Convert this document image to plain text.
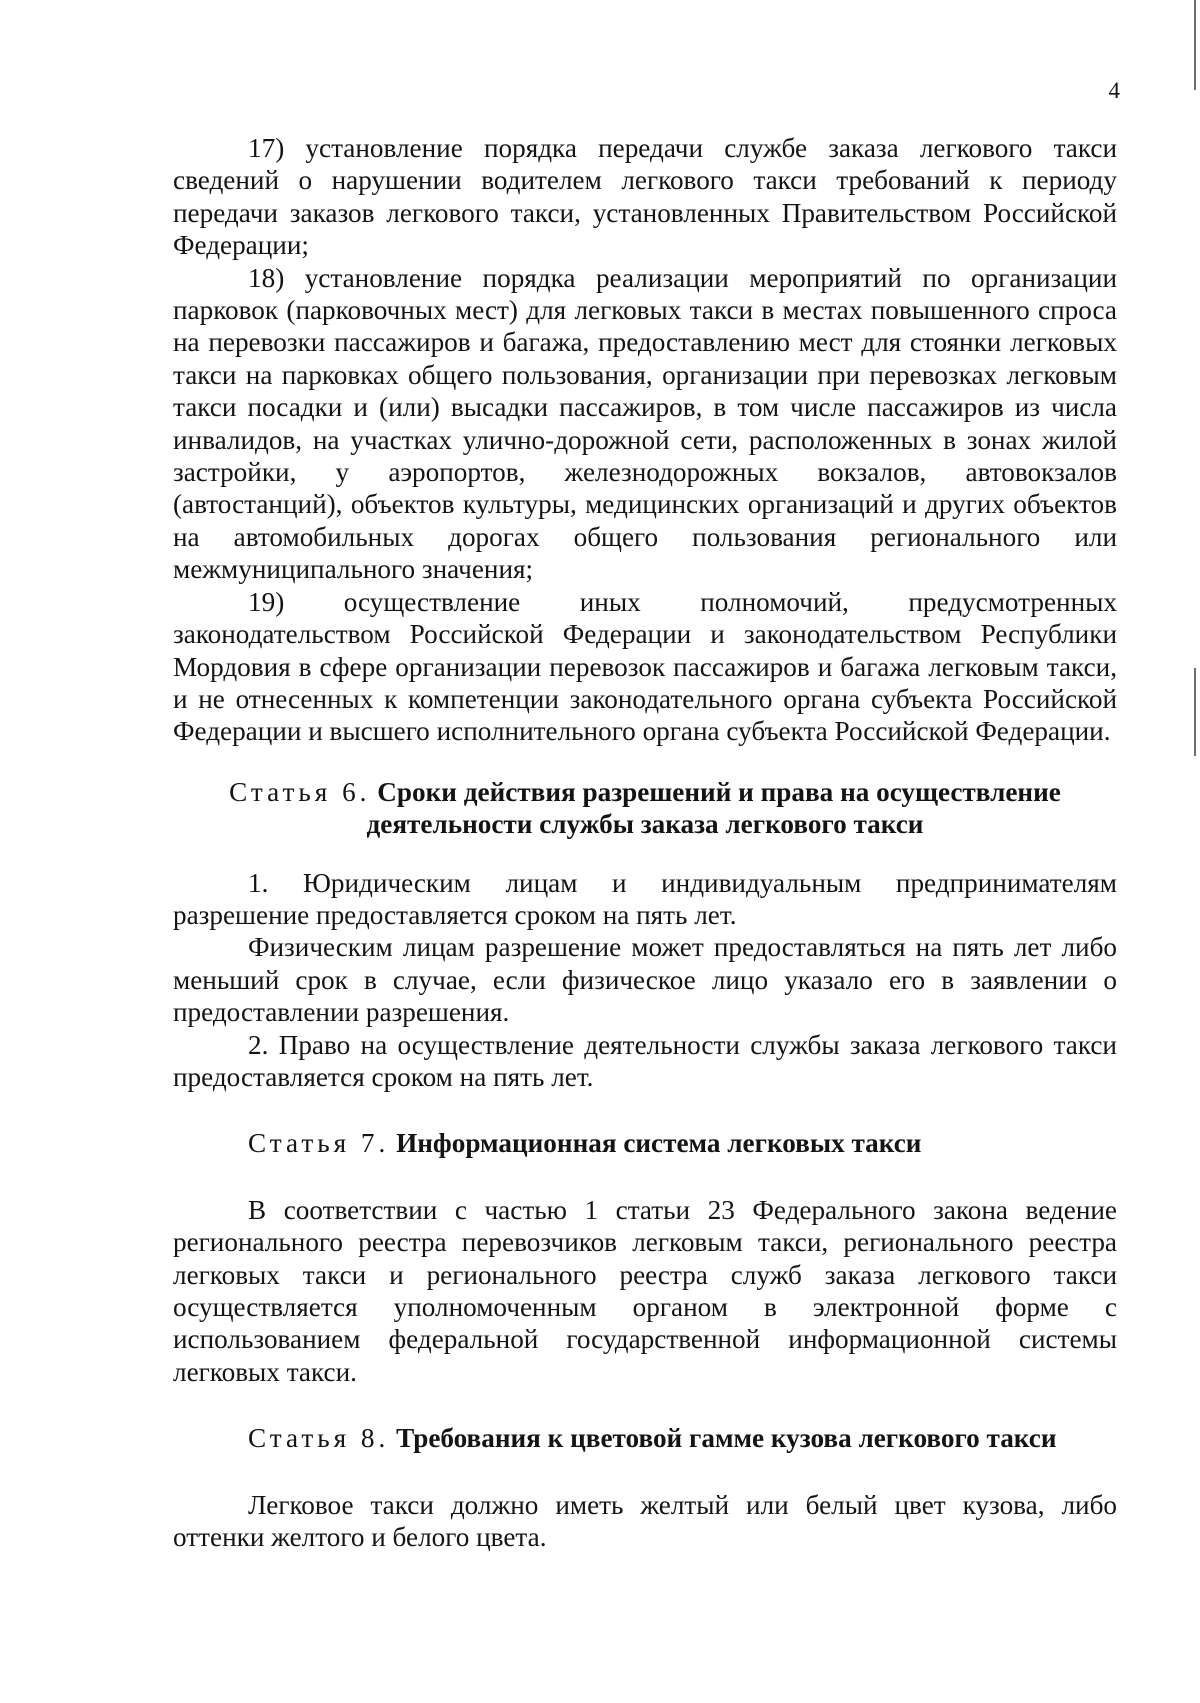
4

17) установление порядка передачи службе заказа легкового такси сведений о нарушении водителем легкового такси требований к периоду передачи заказов легкового такси, установленных Правительством Российской Федерации;

18) установление порядка реализации мероприятий по организации парковок (парковочных мест) для легковых такси в местах повышенного спроса на перевозки пассажиров и багажа, предоставлению мест для стоянки легковых такси на парковках общего пользования, организации при перевозках легковым такси посадки и (или) высадки пассажиров, в том числе пассажиров из числа инвалидов, на участках улично-дорожной сети, расположенных в зонах жилой застройки, у аэропортов, железнодорожных вокзалов, автовокзалов (автостанций), объектов культуры, медицинских организаций и других объектов на автомобильных дорогах общего пользования регионального или межмуниципального значения;

19) осуществление иных полномочий, предусмотренных законодательством Российской Федерации и законодательством Республики Мордовия в сфере организации перевозок пассажиров и багажа легковым такси, и не отнесенных к компетенции законодательного органа субъекта Российской Федерации и высшего исполнительного органа субъекта Российской Федерации.

Статья 6. Сроки действия разрешений и права на осуществление
деятельности службы заказа легкового такси

1. Юридическим лицам и индивидуальным предпринимателям разрешение предоставляется сроком на пять лет.

Физическим лицам разрешение может предоставляться на пять лет либо меньший срок в случае, если физическое лицо указало его в заявлении о предоставлении разрешения.

2. Право на осуществление деятельности службы заказа легкового такси предоставляется сроком на пять лет.

Статья 7. Информационная система легковых такси

В соответствии с частью 1 статьи 23 Федерального закона ведение регионального реестра перевозчиков легковым такси, регионального реестра легковых такси и регионального реестра служб заказа легкового такси осуществляется уполномоченным органом в электронной форме с использованием федеральной государственной информационной системы легковых такси.

Статья 8. Требования к цветовой гамме кузова легкового такси

Легковое такси должно иметь желтый или белый цвет кузова, либо оттенки желтого и белого цвета.
